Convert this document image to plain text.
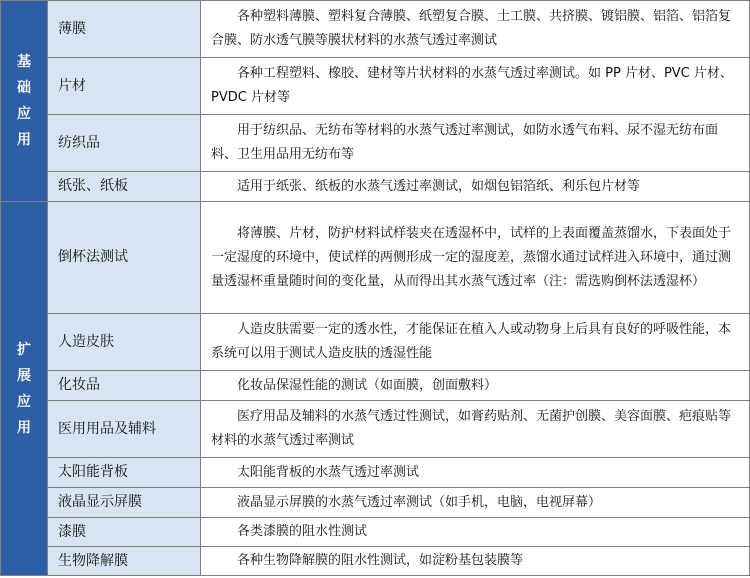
基础应用	薄膜	各种塑料薄膜、塑料复合薄膜、纸塑复合膜、土工膜、共挤膜、镀铝膜、铝箔、铝箔复合膜、防水透气膜等膜状材料的水蒸气透过率测试

	片材	各种工程塑料、橡胶、建材等片状材料的水蒸气透过率测试。如 PP 片材、PVC 片材、PVDC 片材等

	纺织品	用于纺织品、无纺布等材料的水蒸气透过率测试，如防水透气布料、尿不湿无纺布面料、卫生用品用无纺布等

	纸张、纸板	适用于纸张、纸板的水蒸气透过率测试，如烟包铝箔纸、利乐包片材等

扩展应用	倒杯法测试	将薄膜、片材，防护材料试样装夹在透湿杯中，试样的上表面覆盖蒸馏水，下表面处于一定湿度的环境中，使试样的两侧形成一定的湿度差，蒸馏水通过试样进入环境中，通过测量透湿杯重量随时间的变化量，从而得出其水蒸气透过率（注：需选购倒杯法透湿杯）

	人造皮肤	人造皮肤需要一定的透水性，才能保证在植入人或动物身上后具有良好的呼吸性能，本系统可以用于测试人造皮肤的透湿性能

	化妆品	化妆品保湿性能的测试（如面膜，创面敷料）

	医用用品及辅料	医疗用品及辅料的水蒸气透过性测试，如膏药贴剂、无菌护创膜、美容面膜、疤痕贴等材料的水蒸气透过率测试

	太阳能背板	太阳能背板的水蒸气透过率测试

	液晶显示屏膜	液晶显示屏膜的水蒸气透过率测试（如手机，电脑，电视屏幕）

	漆膜	各类漆膜的阻水性测试

	生物降解膜	各种生物降解膜的阻水性测试，如淀粉基包装膜等
